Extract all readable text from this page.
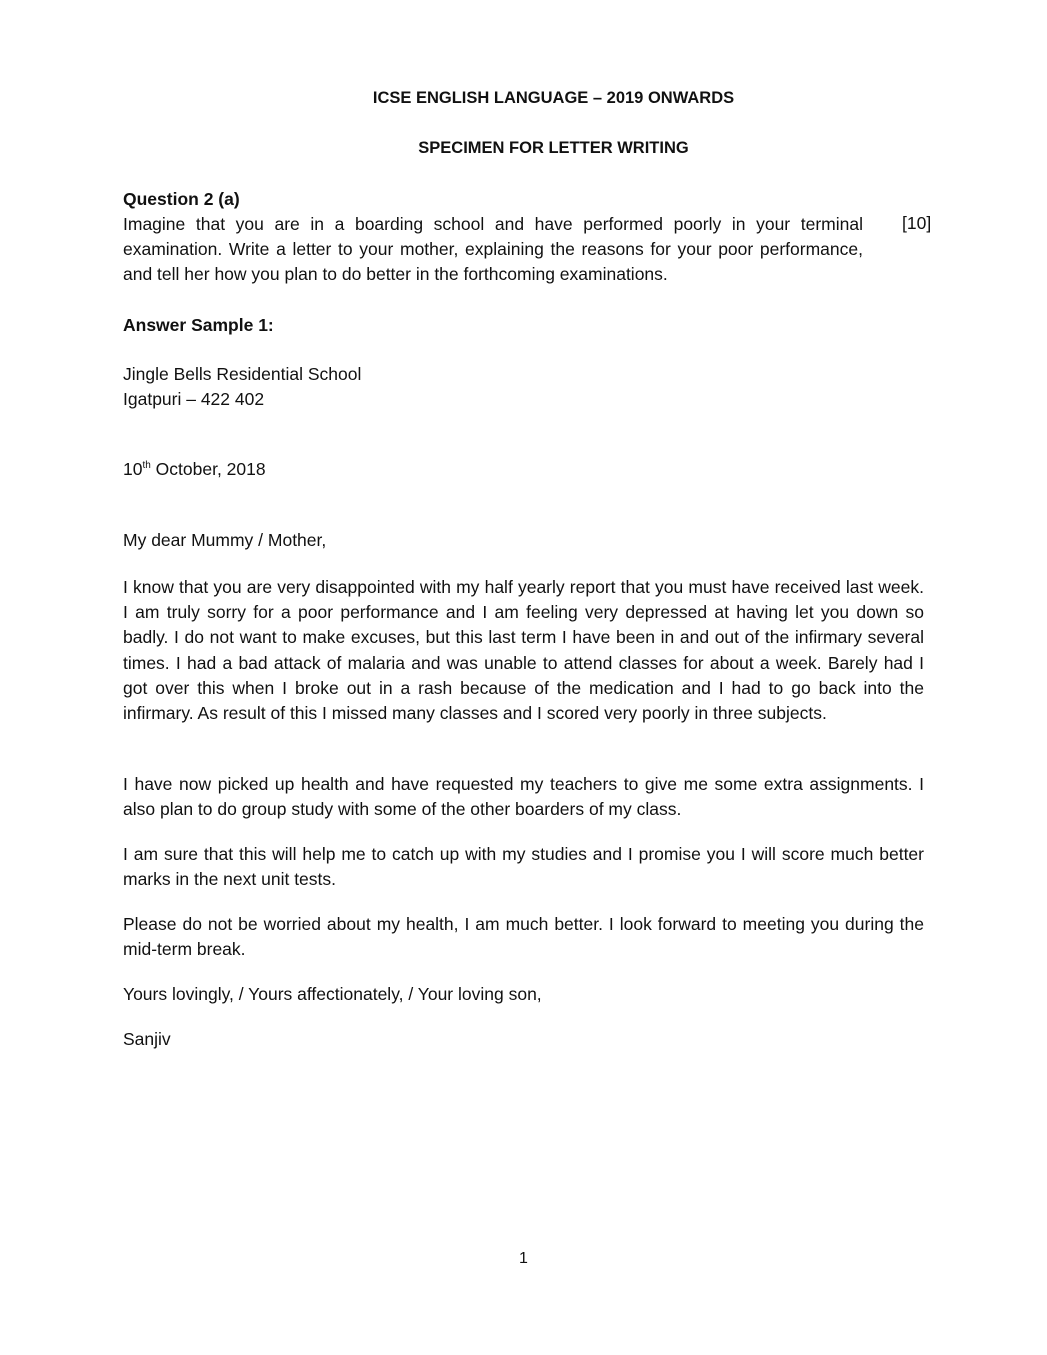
ICSE ENGLISH LANGUAGE – 2019 ONWARDS
SPECIMEN FOR LETTER WRITING
Question 2 (a)
Imagine that you are in a boarding school and have performed poorly in your terminal examination. Write a letter to your mother, explaining the reasons for your poor performance, and tell her how you plan to do better in the forthcoming examinations.
[10]
Answer Sample 1:
Jingle Bells Residential School
Igatpuri – 422 402
10th October, 2018
My dear Mummy / Mother,
I know that you are very disappointed with my half yearly report that you must have received last week. I am truly sorry for a poor performance and I am feeling very depressed at having let you down so badly. I do not want to make excuses, but this last term I have been in and out of the infirmary several times. I had a bad attack of malaria and was unable to attend classes for about a week. Barely had I got over this when I broke out in a rash because of the medication and I had to go back into the infirmary. As result of this I missed many classes and I scored very poorly in three subjects.
I have now picked up health and have requested my teachers to give me some extra assignments. I also plan to do group study with some of the other boarders of my class.
I am sure that this will help me to catch up with my studies and I promise you I will score much better marks in the next unit tests.
Please do not be worried about my health, I am much better. I look forward to meeting you during the mid-term break.
Yours lovingly, / Yours affectionately, / Your loving son,
Sanjiv
1
